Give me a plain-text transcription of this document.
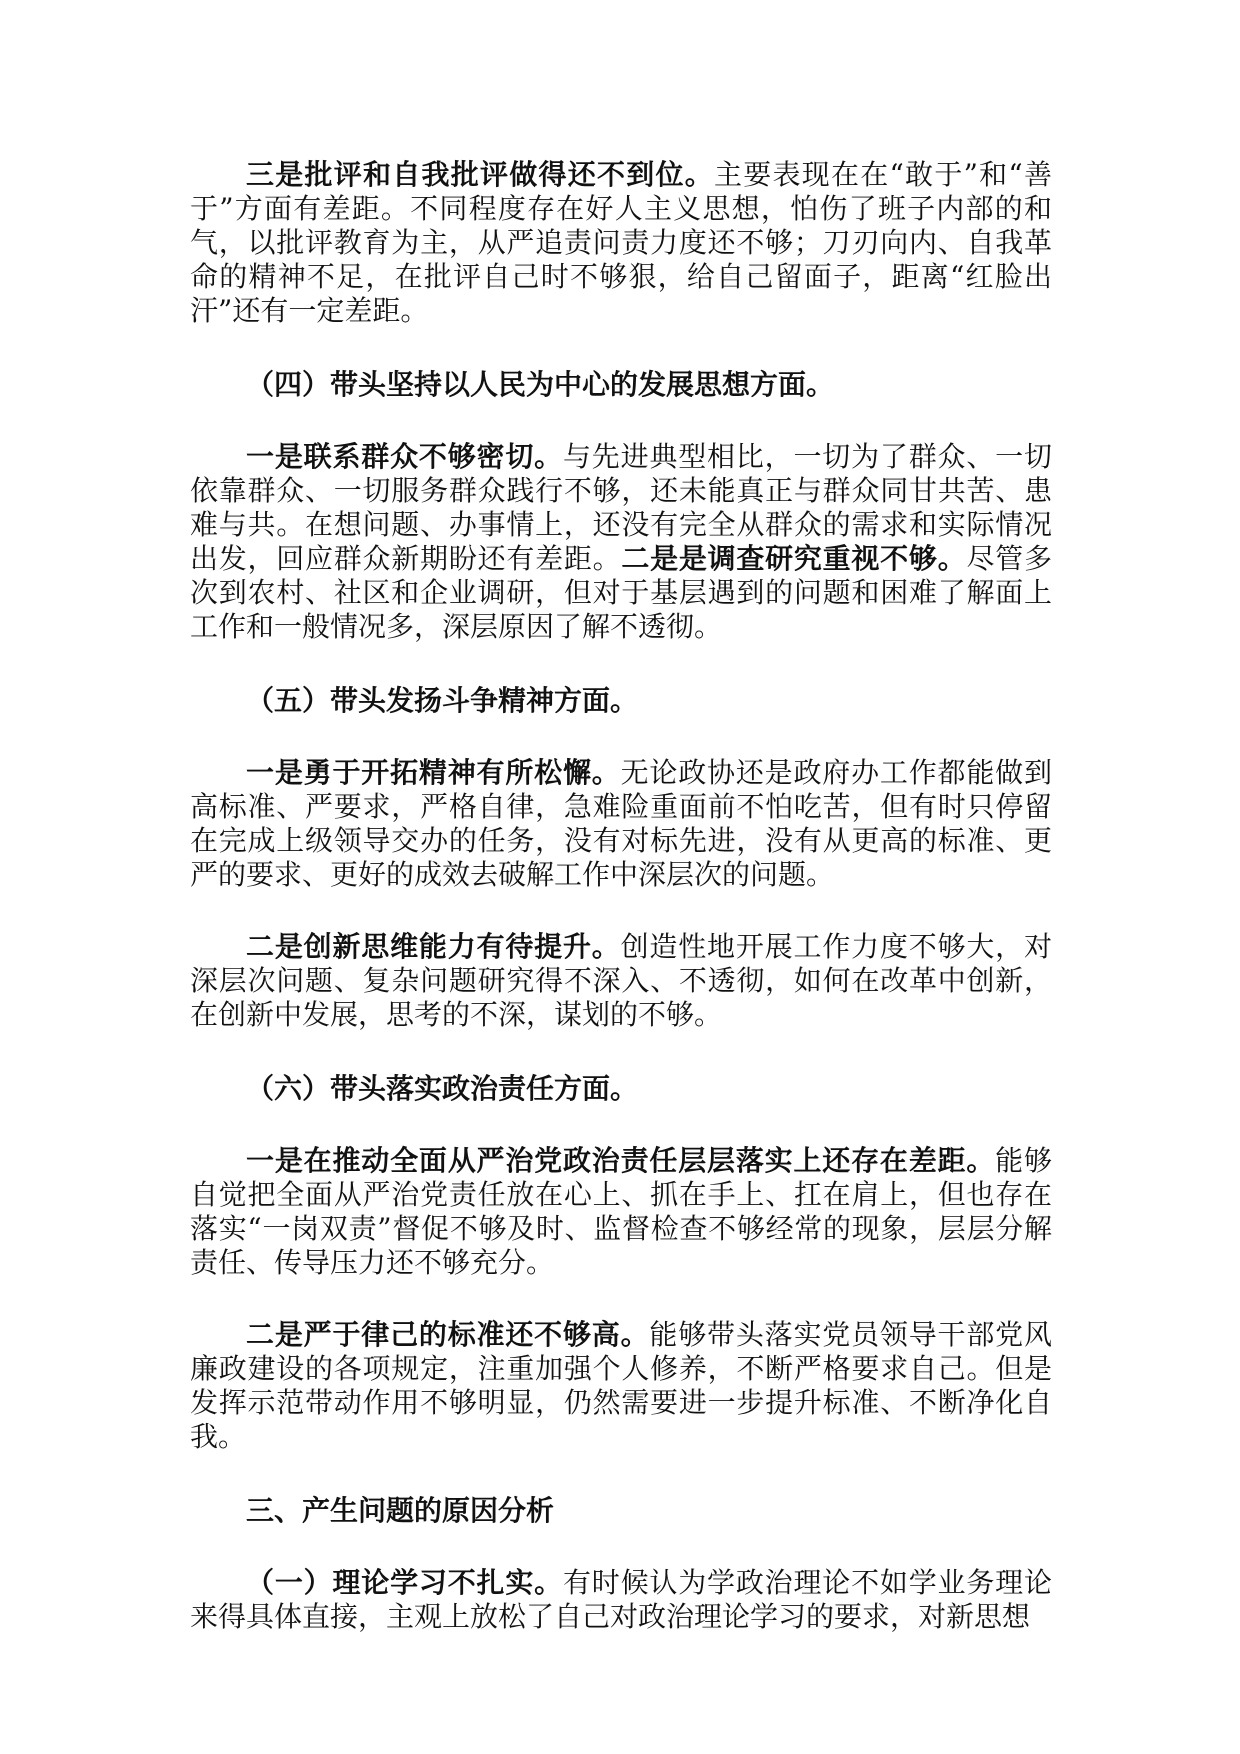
三是批评和自我批评做得还不到位。主要表现在在“敢于”和“善于”方面有差距。不同程度存在好人主义思想，怕伤了班子内部的和气，以批评教育为主，从严追责问责力度还不够；刀刃向内、自我革命的精神不足，在批评自己时不够狠，给自己留面子，距离“红脸出汗”还有一定差距。

（四）带头坚持以人民为中心的发展思想方面。

一是联系群众不够密切。与先进典型相比，一切为了群众、一切依靠群众、一切服务群众践行不够，还未能真正与群众同甘共苦、患难与共。在想问题、办事情上，还没有完全从群众的需求和实际情况出发，回应群众新期盼还有差距。二是是调查研究重视不够。尽管多次到农村、社区和企业调研，但对于基层遇到的问题和困难了解面上工作和一般情况多，深层原因了解不透彻。

（五）带头发扬斗争精神方面。

一是勇于开拓精神有所松懈。无论政协还是政府办工作都能做到高标准、严要求，严格自律，急难险重面前不怕吃苦，但有时只停留在完成上级领导交办的任务，没有对标先进，没有从更高的标准、更严的要求、更好的成效去破解工作中深层次的问题。

二是创新思维能力有待提升。创造性地开展工作力度不够大，对深层次问题、复杂问题研究得不深入、不透彻，如何在改革中创新，在创新中发展，思考的不深，谋划的不够。

（六）带头落实政治责任方面。

一是在推动全面从严治党政治责任层层落实上还存在差距。能够自觉把全面从严治党责任放在心上、抓在手上、扛在肩上，但也存在落实“一岗双责”督促不够及时、监督检查不够经常的现象，层层分解责任、传导压力还不够充分。

二是严于律己的标准还不够高。能够带头落实党员领导干部党风廉政建设的各项规定，注重加强个人修养，不断严格要求自己。但是发挥示范带动作用不够明显，仍然需要进一步提升标准、不断净化自我。

三、产生问题的原因分析

（一）理论学习不扎实。有时候认为学政治理论不如学业务理论来得具体直接，主观上放松了自己对政治理论学习的要求，对新思想
